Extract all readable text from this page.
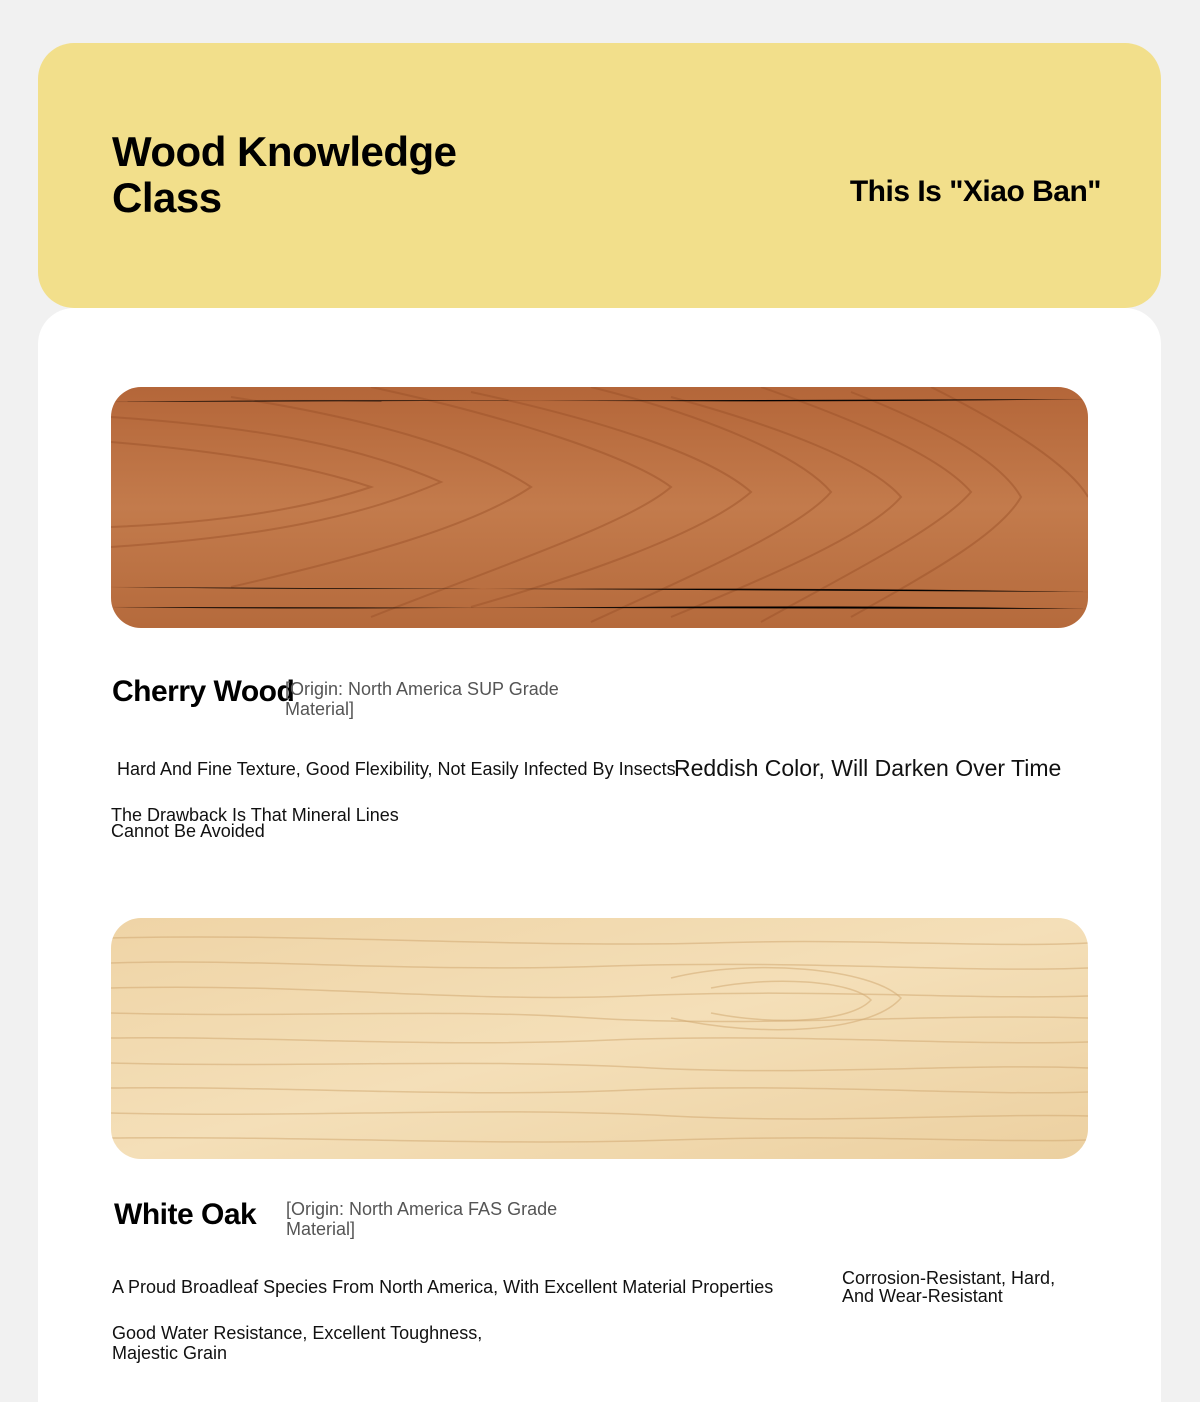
Wood Knowledge Class	This Is "Xiao Ban"
Cherry Wood
[Origin: North America SUP Grade Material]
Hard And Fine Texture, Good Flexibility, Not Easily Infected By Insects
Reddish Color, Will Darken Over Time
The Drawback Is That Mineral Lines Cannot Be Avoided
White Oak [Origin: North America FAS Grade Material]
A Proud Broadleaf Species From North America, With Excellent Material Properties	Corrosion-Resistant, Hard, And Wear-Resistant
Good Water Resistance, Excellent Toughness, Majestic Grain
